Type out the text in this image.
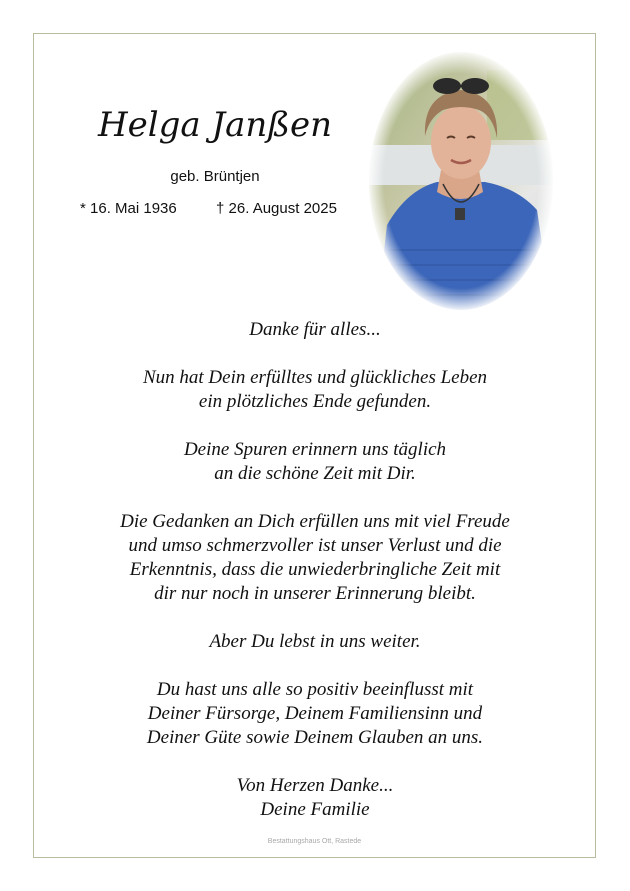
Helga Janßen
geb. Brüntjen
* 16. Mai 1936	† 26. August 2025

Danke für alles...

Nun hat Dein erfülltes und glückliches Leben
ein plötzliches Ende gefunden.

Deine Spuren erinnern uns täglich
an die schöne Zeit mit Dir.

Die Gedanken an Dich erfüllen uns mit viel Freude
und umso schmerzvoller ist unser Verlust und die
Erkenntnis, dass die unwiederbringliche Zeit mit
dir nur noch in unserer Erinnerung bleibt.

Aber Du lebst in uns weiter.

Du hast uns alle so positiv beeinflusst mit
Deiner Fürsorge, Deinem Familiensinn und
Deiner Güte sowie Deinem Glauben an uns.

Von Herzen Danke...
Deine Familie

Bestattungshaus Ott, Rastede
